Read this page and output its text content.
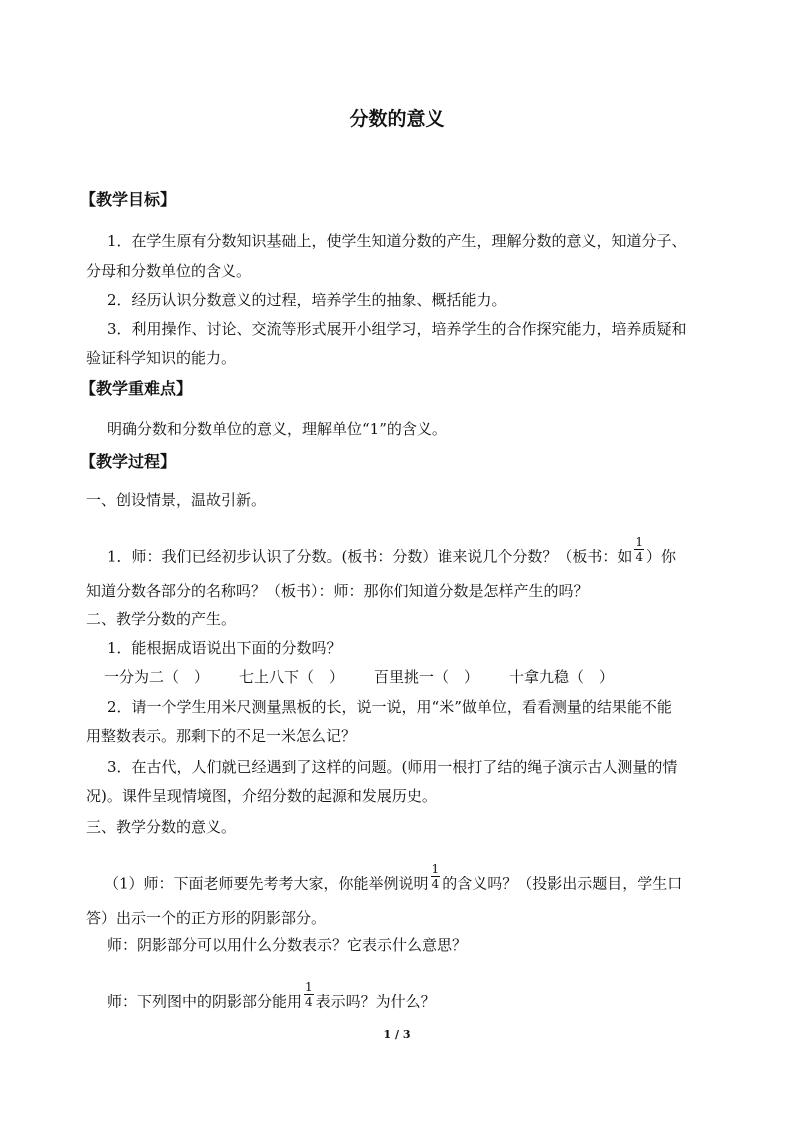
分数的意义
【教学目标】
1．在学生原有分数知识基础上，使学生知道分数的产生，理解分数的意义，知道分子、
分母和分数单位的含义。
2．经历认识分数意义的过程，培养学生的抽象、概括能力。
3．利用操作、讨论、交流等形式展开小组学习，培养学生的合作探究能力，培养质疑和
验证科学知识的能力。
【教学重难点】
明确分数和分数单位的意义，理解单位“1”的含义。
【教学过程】
一、创设情景，温故引新。
1．师：我们已经初步认识了分数。(板书：分数）谁来说几个分数？（板书：如 $\frac{1}{4}$ ）你
知道分数各部分的名称吗？（板书）：师：那你们知道分数是怎样产生的吗？
二、教学分数的产生。
1．能根据成语说出下面的分数吗？
一分为二（　） 七上八下（　） 百里挑一（　） 十拿九稳（　）
2．请一个学生用米尺测量黑板的长，说一说，用“米”做单位，看看测量的结果能不能
用整数表示。那剩下的不足一米怎么记？
3．在古代，人们就已经遇到了这样的问题。(师用一根打了结的绳子演示古人测量的情
况)。课件呈现情境图，介绍分数的起源和发展历史。
三、教学分数的意义。
（1）师：下面老师要先考考大家，你能举例说明 $\frac{1}{4}$ 的含义吗？（投影出示题目，学生口
答）出示一个的正方形的阴影部分。
师：阴影部分可以用什么分数表示？它表示什么意思？
师：下列图中的阴影部分能用 $\frac{1}{4}$ 表示吗？为什么？
1 / 3
